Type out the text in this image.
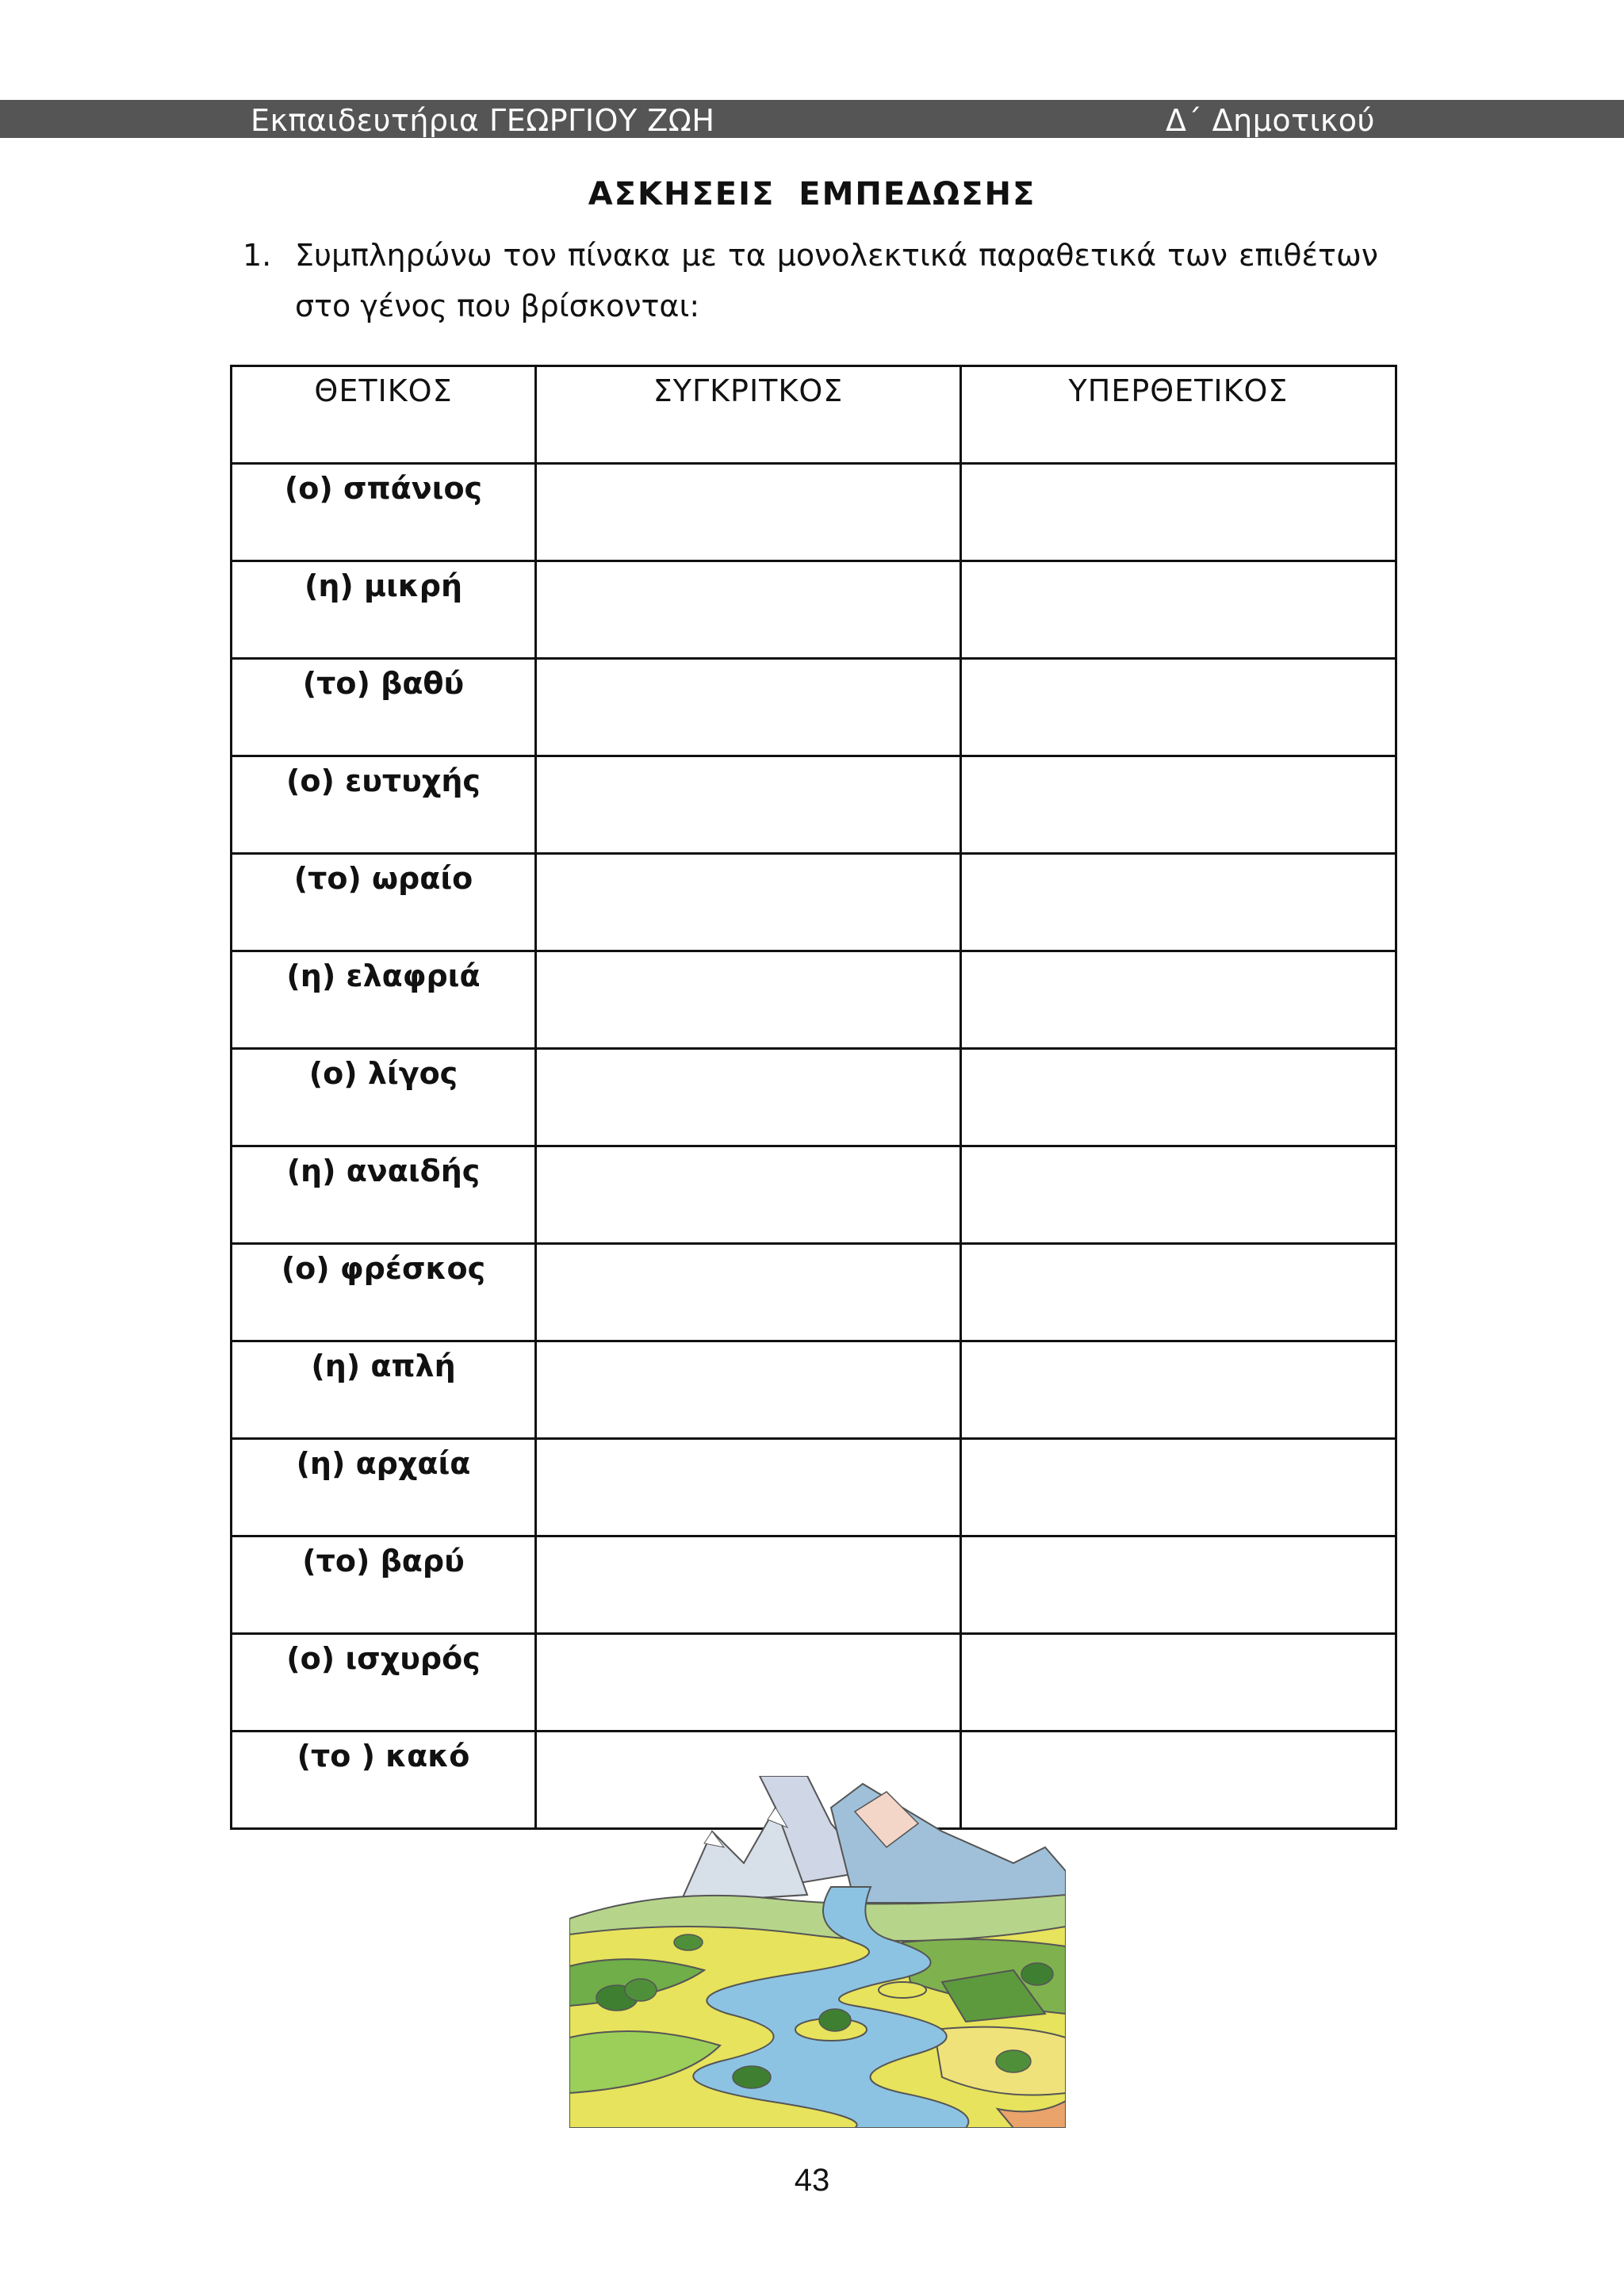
Εκπαιδευτήρια ΓΕΩΡΓΙΟΥ ΖΩΗ	Δ΄ Δημοτικού
ΑΣΚΗΣΕΙΣ ΕΜΠΕΔΩΣΗΣ
1. Συμπληρώνω τον πίνακα με τα μονολεκτικά παραθετικά των επιθέτων στο γένος που βρίσκονται:
ΘΕΤΙΚΟΣ	ΣΥΓΚΡΙΤΚΟΣ	ΥΠΕΡΘΕΤΙΚΟΣ
(ο) σπάνιος		
(η) μικρή		
(το) βαθύ		
(ο) ευτυχής		
(το) ωραίο		
(η) ελαφριά		
(ο) λίγος		
(η) αναιδής		
(ο) φρέσκος		
(η) απλή		
(η) αρχαία		
(το) βαρύ		
(ο) ισχυρός		
(το ) κακό		
43
